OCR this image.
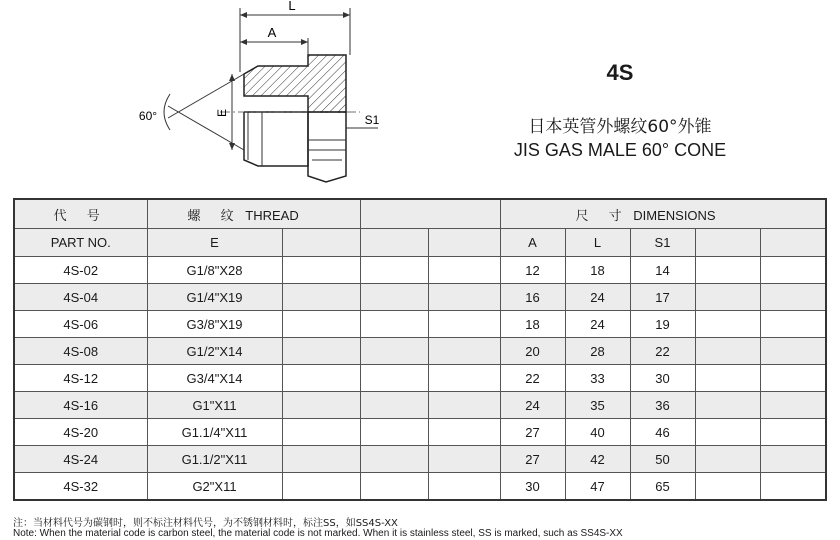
L
A
E
60°	S1
4S
日本英管外螺纹60°外锥
JIS GAS MALE 60° CONE
代 号	螺 纹 THREAD				尺 寸 DIMENSIONS				
PART NO.	E				A	L	S1		
4S-02	G1/8"X28				12	18	14		
4S-04	G1/4"X19				16	24	17		
4S-06	G3/8"X19				18	24	19		
4S-08	G1/2"X14				20	28	22		
4S-12	G3/4"X14				22	33	30		
4S-16	G1"X11				24	35	36		
4S-20	G1.1/4"X11				27	40	46		
4S-24	G1.1/2"X11				27	42	50		
4S-32	G2"X11				30	47	65		
注：当材料代号为碳钢时，则不标注材料代号，为不锈钢材料时，标注SS，如SS4S-XX
Note: When the material code is carbon steel, the material code is not marked. When it is stainless steel, SS is marked, such as SS4S-XX
